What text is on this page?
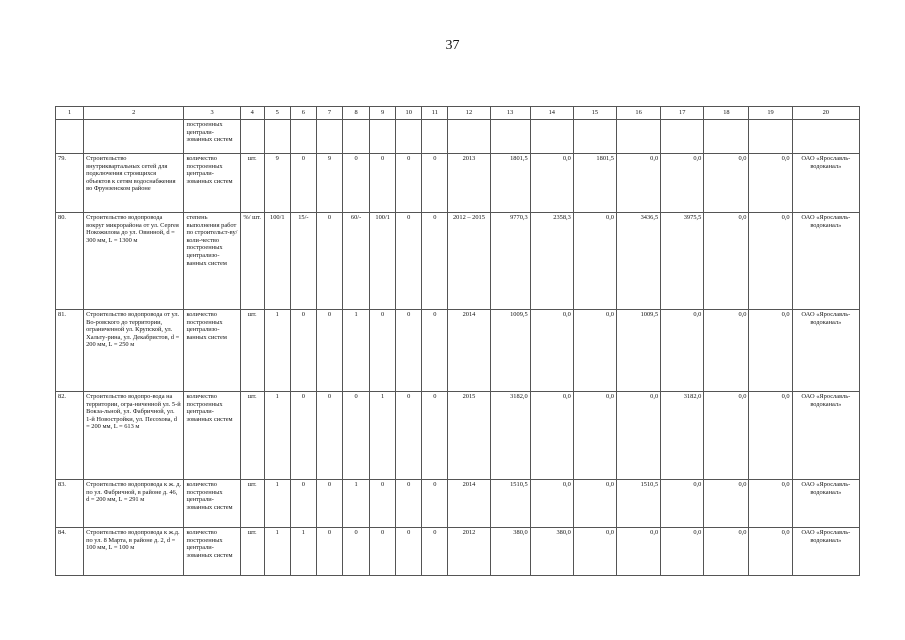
37
1	2	3	4	5	6	7	8	9	10	11	12	13	14	15	16	17	18	19	20
		построенных централи-зованных систем																	
79.	Строительство внутриквартальных сетей для подключения строящихся объектов к сетям водоснабжения во Фрунзенском районе	количество построенных централи-зованных систем	шт.	9	0	9	0	0	0	0	2013	1801,5	0,0	1801,5	0,0	0,0	0,0	0,0	ОАО «Ярославль-водоканал»
80.	Строительство водопровода вокруг микрорайона от ул. Сергея Нокожилова до ул. Овинной, d = 300 мм, L = 1300 м	степень выполнения работ по строительст-ву/ коли-чество построенных централизо-ванных систем	%/ шт.	100/1	15/-	0	60/-	100/1	0	0	2012 – 2015	9770,3	2358,3	0,0	3436,5	3975,5	0,0	0,0	ОАО «Ярославль-водоканал»
81.	Строительство водопровода от ул. Во-ровского до территории, ограниченной ул. Крупской, ул. Хальту-рина, ул. Декабристов, d = 200 мм, L = 250 м	количество построенных централизо-ванных систем	шт.	1	0	0	1	0	0	0	2014	1009,5	0,0	0,0	1009,5	0,0	0,0	0,0	ОАО «Ярославль-водоканал»
82.	Строительство водопро-вода на территории, огра-ниченной ул. 5-й Вокза-льной, ул. Фабричной, ул. 1-й Новостройки, ул. Песохова, d = 200 мм, L = 613 м	количество построенных централи-зованных систем	шт.	1	0	0	0	1	0	0	2015	3182,0	0,0	0,0	0,0	3182,0	0,0	0,0	ОАО «Ярославль-водоканал»
83.	Строительство водопровода к ж. д. по ул. Фабричной, в районе д. 46, d = 200 мм, L = 291 м	количество построенных централи-зованных систем	шт.	1	0	0	1	0	0	0	2014	1510,5	0,0	0,0	1510,5	0,0	0,0	0,0	ОАО «Ярославль-водоканал»
84.	Строительство водопровода к ж.д. по ул. 8 Марта, в районе д. 2, d = 100 мм, L = 100 м	количество построенных централи-зованных систем	шт.	1	1	0	0	0	0	0	2012	380,0	380,0	0,0	0,0	0,0	0,0	0,0	ОАО «Ярославль-водоканал»
